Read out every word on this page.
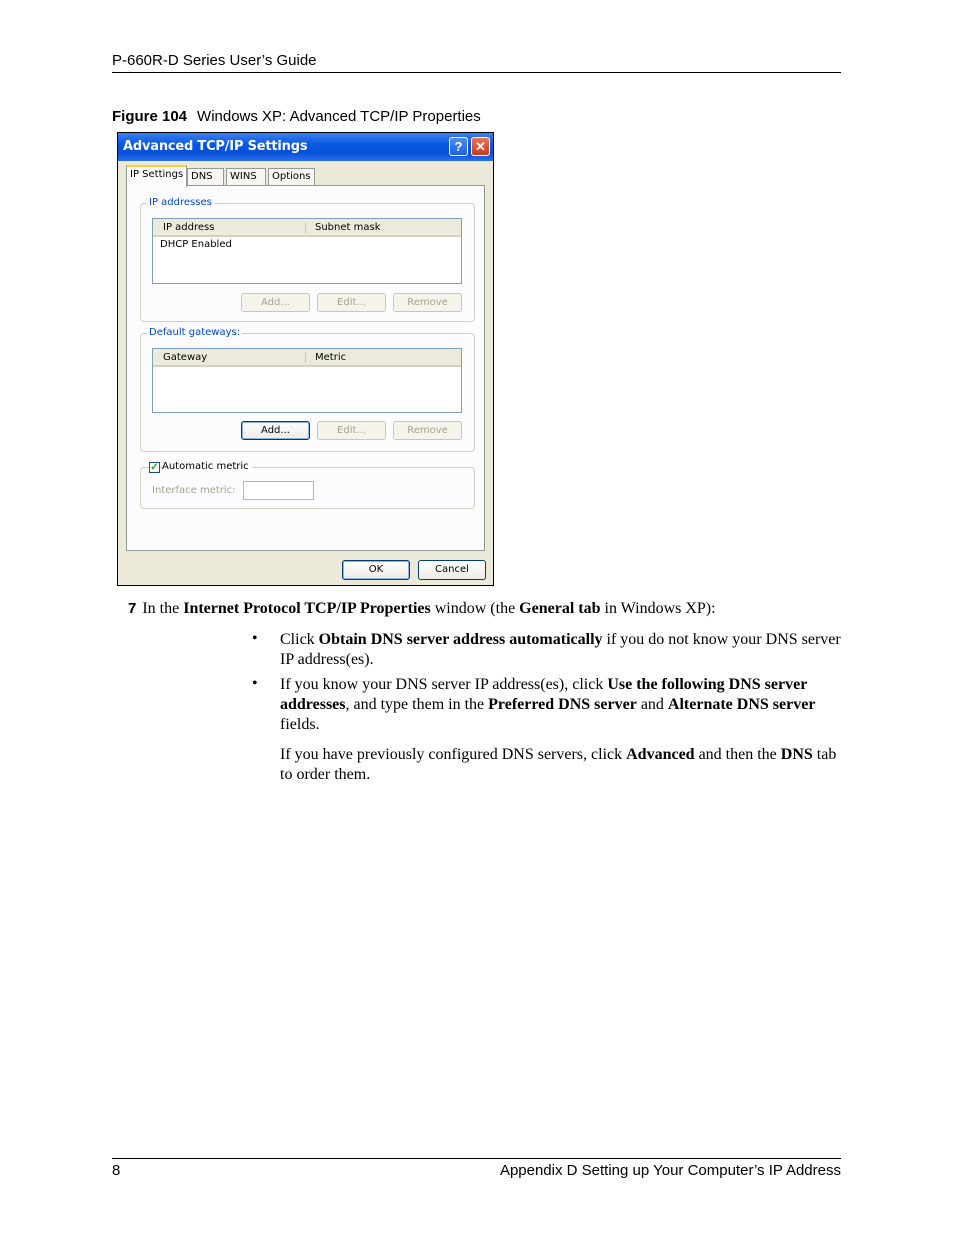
P-660R-D Series User’s Guide
Figure 104 Windows XP: Advanced TCP/IP Properties
Advanced TCP/IP Settings	? ✕
IP Settings DNS	WINS	Options
IP addresses
IP address	Subnet mask
DHCP Enabled
Add...	Edit...	Remove
Default gateways:
Gateway	Metric
Add...	Edit...	Remove
✓ Automatic metric
Interface metric:
OK	Cancel
7 In the Internet Protocol TCP/IP Properties window (the General tab in Windows XP):
• Click Obtain DNS server address automatically if you do not know your DNS server IP address(es).
• If you know your DNS server IP address(es), click Use the following DNS server addresses, and type them in the Preferred DNS server and Alternate DNS server fields.
If you have previously configured DNS servers, click Advanced and then the DNS tab to order them.
8	Appendix D Setting up Your Computer’s IP Address
